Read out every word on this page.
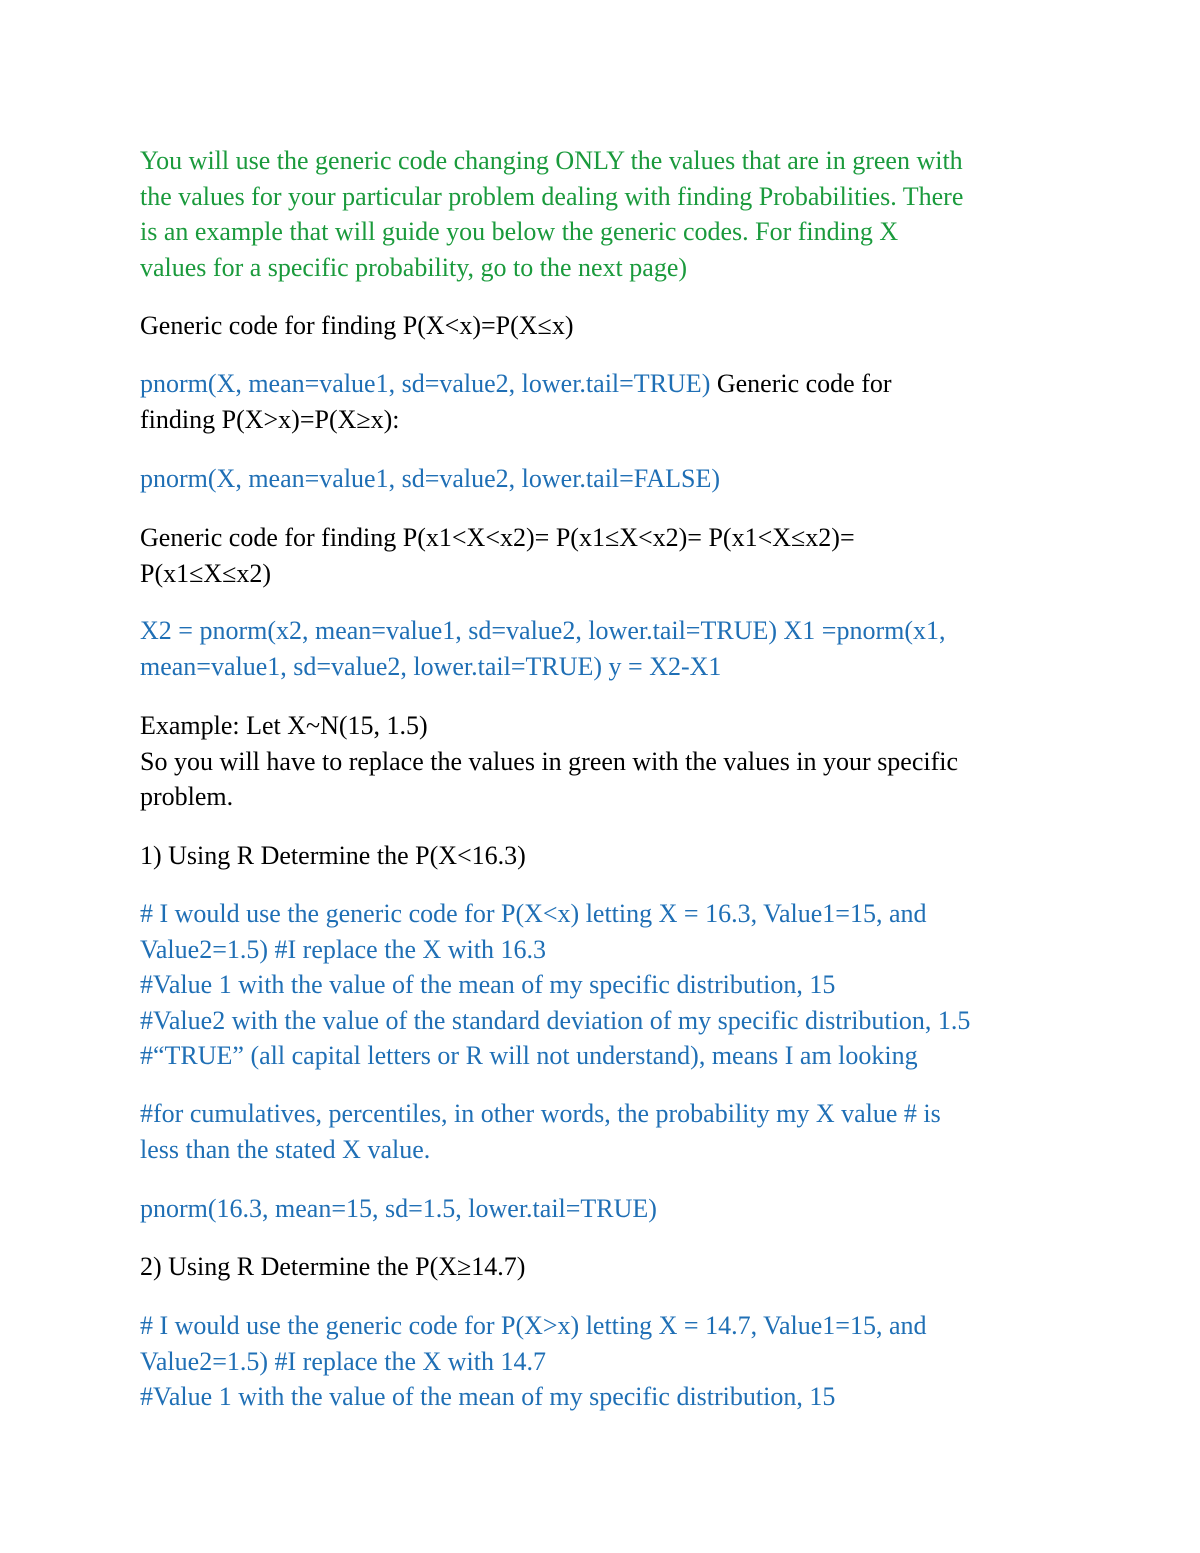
You will use the generic code changing ONLY the values that are in green with
the values for your particular problem dealing with finding Probabilities. There
is an example that will guide you below the generic codes. For finding X
values for a specific probability, go to the next page)
Generic code for finding P(X<x)=P(X≤x)
pnorm(X, mean=value1, sd=value2, lower.tail=TRUE) Generic code for
finding P(X>x)=P(X≥x):
pnorm(X, mean=value1, sd=value2, lower.tail=FALSE)
Generic code for finding P(x1<X<x2)= P(x1≤X<x2)= P(x1<X≤x2)=
P(x1≤X≤x2)
X2 = pnorm(x2, mean=value1, sd=value2, lower.tail=TRUE) X1 =pnorm(x1,
mean=value1, sd=value2, lower.tail=TRUE) y = X2-X1
Example: Let X~N(15, 1.5)
So you will have to replace the values in green with the values in your specific
problem.
1) Using R Determine the P(X<16.3)
# I would use the generic code for P(X<x) letting X = 16.3, Value1=15, and
Value2=1.5) #I replace the X with 16.3
#Value 1 with the value of the mean of my specific distribution, 15
#Value2 with the value of the standard deviation of my specific distribution, 1.5
#“TRUE” (all capital letters or R will not understand), means I am looking
#for cumulatives, percentiles, in other words, the probability my X value # is
less than the stated X value.
pnorm(16.3, mean=15, sd=1.5, lower.tail=TRUE)
2) Using R Determine the P(X≥14.7)
# I would use the generic code for P(X>x) letting X = 14.7, Value1=15, and
Value2=1.5) #I replace the X with 14.7
#Value 1 with the value of the mean of my specific distribution, 15
